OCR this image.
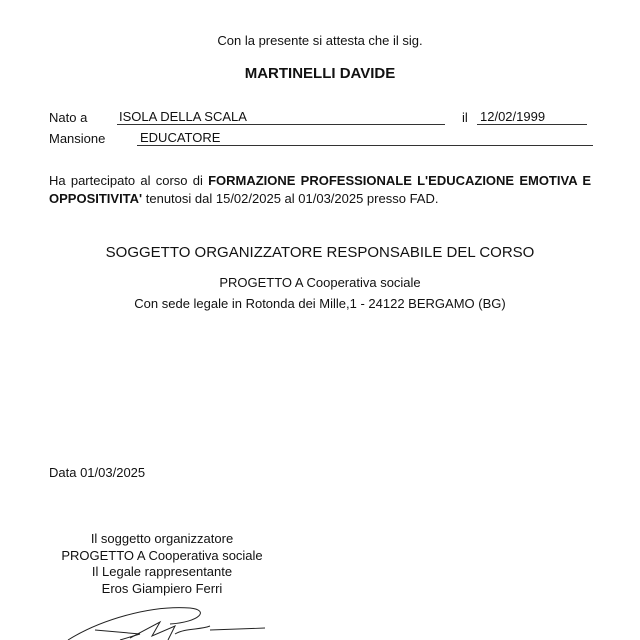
Con la presente si attesta che il sig.
MARTINELLI DAVIDE
Nato a ISOLA DELLA SCALA	il 12/02/1999
Mansione	EDUCATORE
Ha partecipato al corso di FORMAZIONE PROFESSIONALE L'EDUCAZIONE EMOTIVA E OPPOSITIVITA' tenutosi dal 15/02/2025 al 01/03/2025 presso FAD.
SOGGETTO ORGANIZZATORE RESPONSABILE DEL CORSO
PROGETTO A Cooperativa sociale
Con sede legale in Rotonda dei Mille,1 - 24122 BERGAMO (BG)
Data 01/03/2025
Il soggetto organizzatore
PROGETTO A Cooperativa sociale
Il Legale rappresentante
Eros Giampiero Ferri
